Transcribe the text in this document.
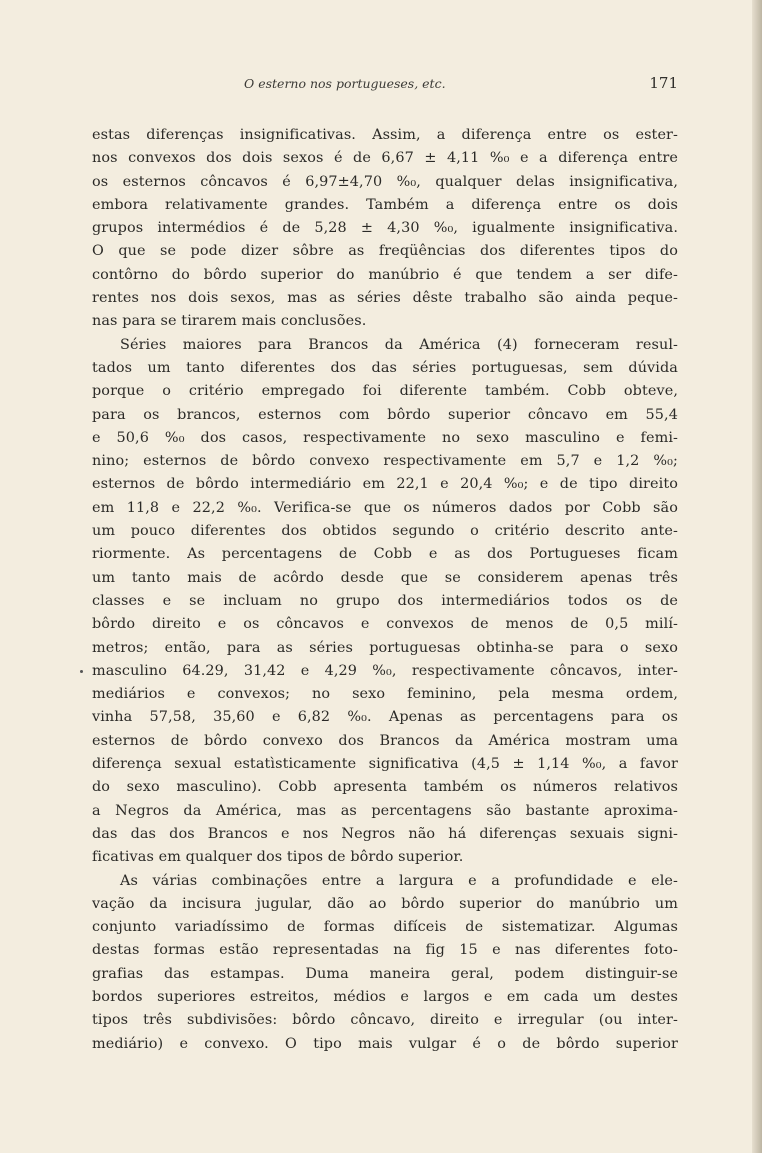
O esterno nos portugueses, etc.	171
estas diferenças insignificativas. Assim, a diferença entre os ester-
nos convexos dos dois sexos é de 6,67 ± 4,11 %₀ e a diferença entre
os esternos côncavos é 6,97±4,70 %₀, qualquer delas insignificativa,
embora relativamente grandes. Também a diferença entre os dois
grupos intermédios é de 5,28 ± 4,30 %₀, igualmente insignificativa.
O que se pode dizer sôbre as freqüências dos diferentes tipos do
contôrno do bôrdo superior do manúbrio é que tendem a ser dife-
rentes nos dois sexos, mas as séries dêste trabalho são ainda peque-
nas para se tirarem mais conclusões.
Séries maiores para Brancos da América (4) forneceram resul-
tados um tanto diferentes dos das séries portuguesas, sem dúvida
porque o critério empregado foi diferente também. Cobb obteve,
para os brancos, esternos com bôrdo superior côncavo em 55,4
e 50,6 %₀ dos casos, respectivamente no sexo masculino e femi-
nino; esternos de bôrdo convexo respectivamente em 5,7 e 1,2 %₀;
esternos de bôrdo intermediário em 22,1 e 20,4 %₀; e de tipo direito
em 11,8 e 22,2 %₀. Verifica-se que os números dados por Cobb são
um pouco diferentes dos obtidos segundo o critério descrito ante-
riormente. As percentagens de Cobb e as dos Portugueses ficam
um tanto mais de acôrdo desde que se considerem apenas três
classes e se incluam no grupo dos intermediários todos os de
bôrdo direito e os côncavos e convexos de menos de 0,5 milí-
metros; então, para as séries portuguesas obtinha-se para o sexo
masculino 64.29, 31,42 e 4,29 %₀, respectivamente côncavos, inter-
mediários e convexos; no sexo feminino, pela mesma ordem,
vinha 57,58, 35,60 e 6,82 %₀. Apenas as percentagens para os
esternos de bôrdo convexo dos Brancos da América mostram uma
diferença sexual estatìsticamente significativa (4,5 ± 1,14 %₀, a favor
do sexo masculino). Cobb apresenta também os números relativos
a Negros da América, mas as percentagens são bastante aproxima-
das das dos Brancos e nos Negros não há diferenças sexuais signi-
ficativas em qualquer dos tipos de bôrdo superior.
As várias combinações entre a largura e a profundidade e ele-
vação da incisura jugular, dão ao bôrdo superior do manúbrio um
conjunto variadíssimo de formas difíceis de sistematizar. Algumas
destas formas estão representadas na fig 15 e nas diferentes foto-
grafias das estampas. Duma maneira geral, podem distinguir-se
bordos superiores estreitos, médios e largos e em cada um destes
tipos três subdivisões: bôrdo côncavo, direito e irregular (ou inter-
mediário) e convexo. O tipo mais vulgar é o de bôrdo superior
